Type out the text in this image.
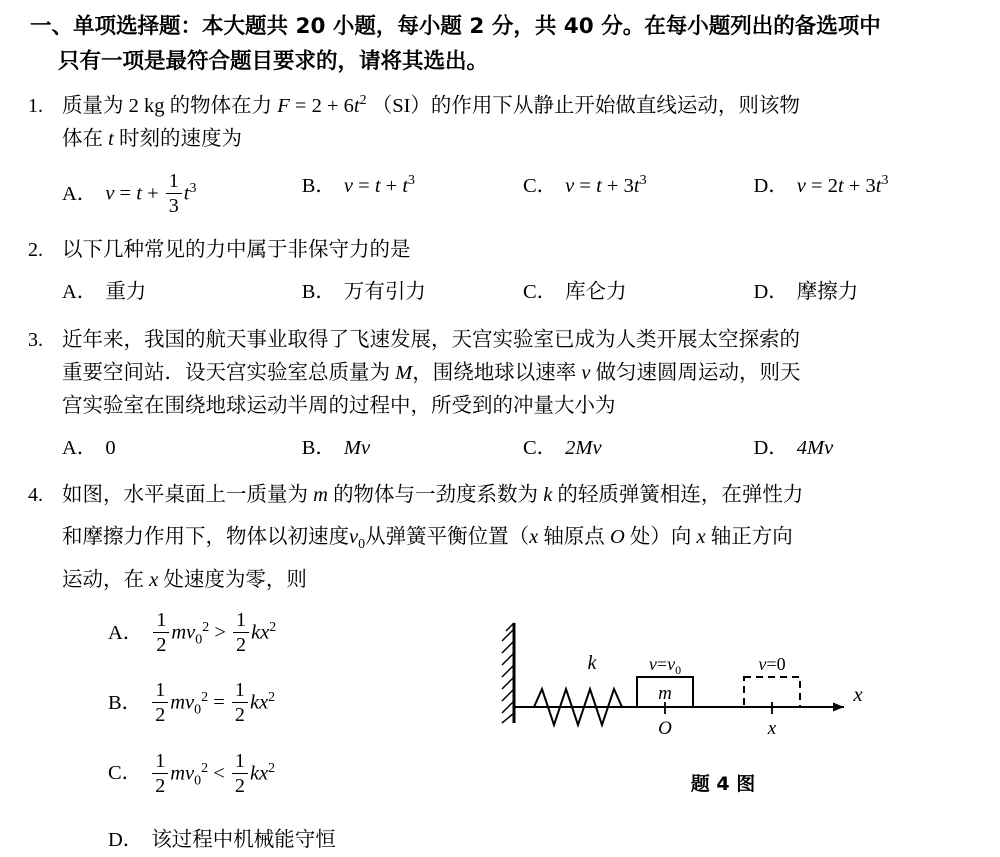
一、单项选择题：本大题共 20 小题，每小题 2 分，共 40 分。在每小题列出的备选项中
只有一项是最符合题目要求的，请将其选出。
1. 质量为 2 kg 的物体在力 $F = 2 + 6t^2$ （SI）的作用下从静止开始做直线运动，则该物

体在 t 时刻的速度为

A． $v = t + \frac{1}{3} t^3$	B． $v = t + t^3$	C． $v = t + 3t^3$	D． $v = 2t + 3t^3$
2. 以下几种常见的力中属于非保守力的是

A． 重力	B． 万有引力	C． 库仑力	D． 摩擦力
3. 近年来，我国的航天事业取得了飞速发展，天宫实验室已成为人类开展太空探索的

重要空间站．设天宫实验室总质量为 M，围绕地球以速率 v 做匀速圆周运动，则天

宫实验室在围绕地球运动半周的过程中，所受到的冲量大小为

A． 0	B． Mv	C． 2Mv	D． 4Mv
4. 如图，水平桌面上一质量为 m 的物体与一劲度系数为 k 的轻质弹簧相连，在弹性力

和摩擦力作用下，物体以初速度$v_0$从弹簧平衡位置（x 轴原点 O 处）向 x 轴正方向

运动，在 x 处速度为零，则

A． $\frac{1}{2} mv_0^2 > \frac{1}{2} kx^2$
B． $\frac{1}{2} mv_0^2 = \frac{1}{2} kx^2$
C． $\frac{1}{2} mv_0^2 < \frac{1}{2} kx^2$
D． 该过程中机械能守恒
k	$v=v_0$	v=0
m
O	x
x
题 4 图
